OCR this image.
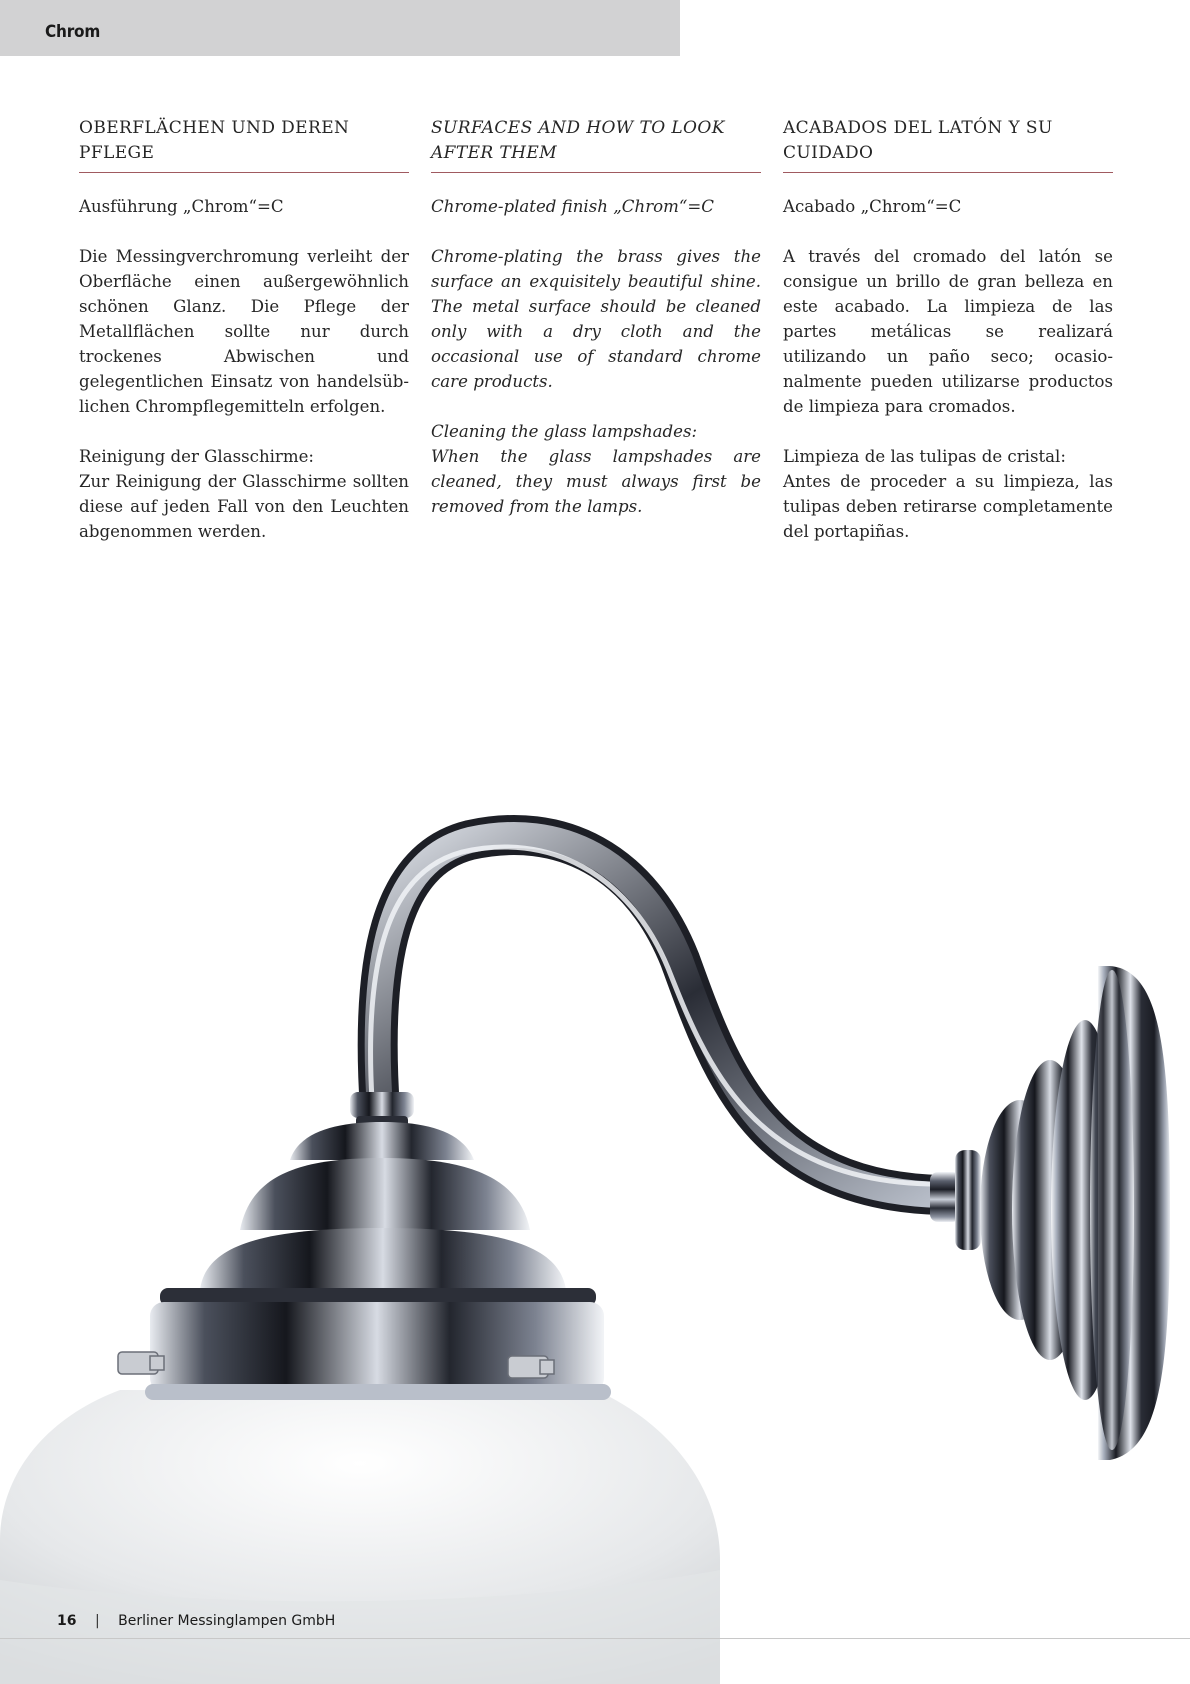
Chrom
OBERFLÄCHEN UND DEREN PFLEGE

Ausführung „Chrom“=C

Die Messingverchromung verleiht der Oberfläche einen außergewöhnlich schönen Glanz. Die Pflege der Metallflächen sollte nur durch trockenes Abwischen und gelegentlichen Einsatz von handelsüblichen Chrompflegemitteln erfolgen.

Reinigung der Glasschirme:

Zur Reinigung der Glasschirme sollten diese auf jeden Fall von den Leuchten abgenommen werden.

SURFACES AND HOW TO LOOK AFTER THEM

Chrome-plated finish „Chrom“=C

Chrome-plating the brass gives the surface an exquisitely beautiful shine. The metal surface should be cleaned only with a dry cloth and the occasional use of standard chrome care products.

Cleaning the glass lampshades:

When the glass lampshades are cleaned, they must always first be removed from the lamps.

ACABADOS DEL LATÓN Y SU CUIDADO

Acabado „Chrom“=C

A través del cromado del latón se consigue un brillo de gran belleza en este acabado. La limpieza de las partes metálicas se realizará utilizando un paño seco; ocasionalmente pueden utilizarse productos de limpieza para cromados.

Limpieza de las tulipas de cristal:

Antes de proceder a su limpieza, las tulipas deben retirarse completamente del portapiñas.

16 | Berliner Messinglampen GmbH
